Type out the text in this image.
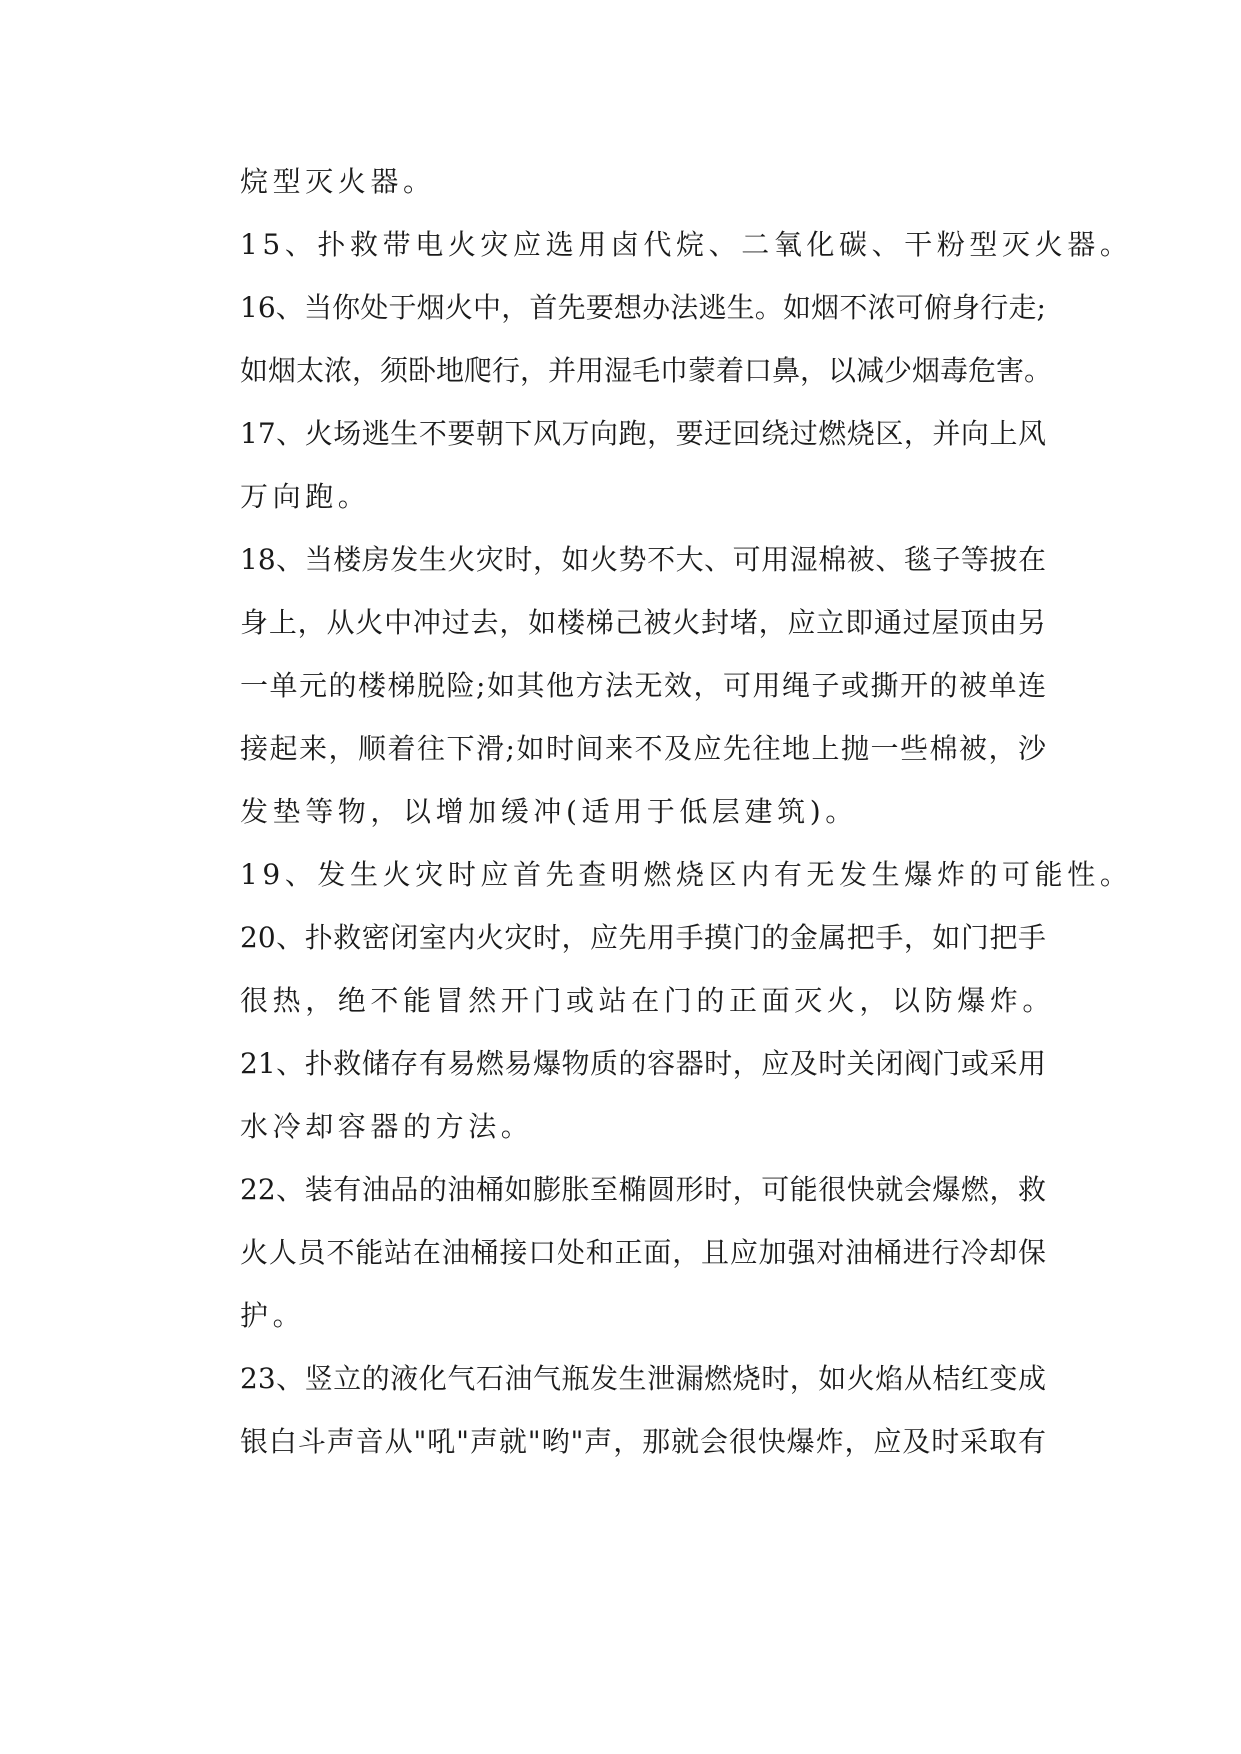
烷型灭火器。
15、扑救带电火灾应选用卤代烷、二氧化碳、干粉型灭火器。
16、当你处于烟火中，首先要想办法逃生。如烟不浓可俯身行走;
如烟太浓，须卧地爬行，并用湿毛巾蒙着口鼻，以减少烟毒危害。
17、火场逃生不要朝下风万向跑，要迂回绕过燃烧区，并向上风
万向跑。
18、当楼房发生火灾时，如火势不大、可用湿棉被、毯子等披在
身上，从火中冲过去，如楼梯己被火封堵，应立即通过屋顶由另
一单元的楼梯脱险;如其他方法无效，可用绳子或撕开的被单连
接起来，顺着往下滑;如时间来不及应先往地上抛一些棉被，沙
发垫等物，以增加缓冲(适用于低层建筑)。
19、发生火灾时应首先查明燃烧区内有无发生爆炸的可能性。
20、扑救密闭室内火灾时，应先用手摸门的金属把手，如门把手
很热，绝不能冒然开门或站在门的正面灭火，以防爆炸。
21、扑救储存有易燃易爆物质的容器时，应及时关闭阀门或采用
水冷却容器的方法。
22、装有油品的油桶如膨胀至椭圆形时，可能很快就会爆燃，救
火人员不能站在油桶接口处和正面，且应加强对油桶进行冷却保
护。
23、竖立的液化气石油气瓶发生泄漏燃烧时，如火焰从桔红变成
银白斗声音从"吼"声就"哟"声，那就会很快爆炸，应及时采取有
